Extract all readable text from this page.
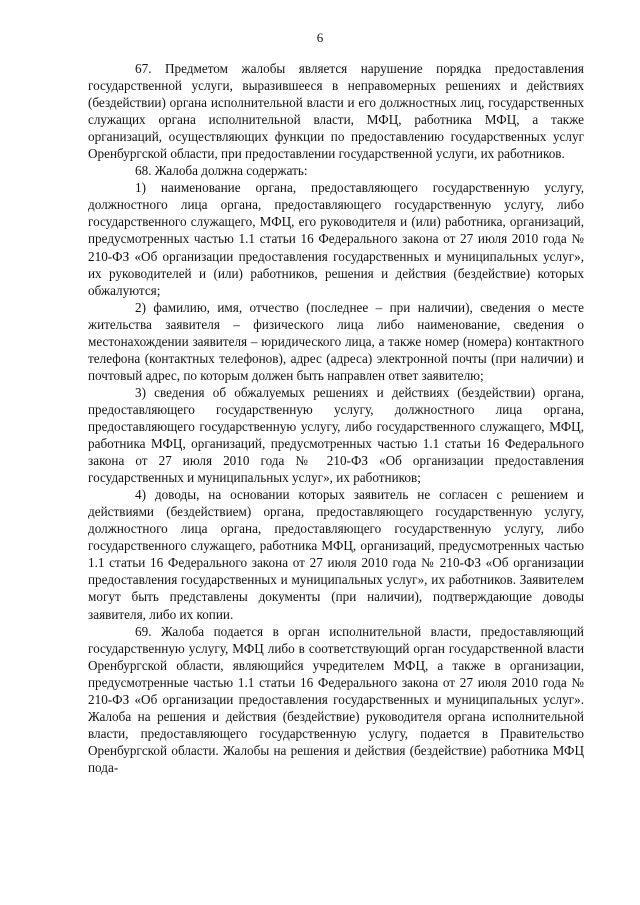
6

67. Предметом жалобы является нарушение порядка предоставления государственной услуги, выразившееся в неправомерных решениях и действиях (бездействии) органа исполнительной власти и его должностных лиц, государственных служащих органа исполнительной власти, МФЦ, работника МФЦ, а также организаций, осуществляющих функции по предоставлению государственных услуг Оренбургской области, при предоставлении государственной услуги, их работников.

68. Жалоба должна содержать:

1) наименование органа, предоставляющего государственную услугу, должностного лица органа, предоставляющего государственную услугу, либо государственного служащего, МФЦ, его руководителя и (или) работника, организаций, предусмотренных частью 1.1 статьи 16 Федерального закона от 27 июля 2010 года № 210-ФЗ «Об организации предоставления государственных и муниципальных услуг», их руководителей и (или) работников, решения и действия (бездействие) которых обжалуются;

2) фамилию, имя, отчество (последнее – при наличии), сведения о месте жительства заявителя – физического лица либо наименование, сведения о местонахождении заявителя – юридического лица, а также номер (номера) контактного телефона (контактных телефонов), адрес (адреса) электронной почты (при наличии) и почтовый адрес, по которым должен быть направлен ответ заявителю;

3) сведения об обжалуемых решениях и действиях (бездействии) органа, предоставляющего государственную услугу, должностного лица органа, предоставляющего государственную услугу, либо государственного служащего, МФЦ, работника МФЦ, организаций, предусмотренных частью 1.1 статьи 16 Федерального закона от 27 июля 2010 года № 210-ФЗ «Об организации предоставления государственных и муниципальных услуг», их работников;

4) доводы, на основании которых заявитель не согласен с решением и действиями (бездействием) органа, предоставляющего государственную услугу, должностного лица органа, предоставляющего государственную услугу, либо государственного служащего, работника МФЦ, организаций, предусмотренных частью 1.1 статьи 16 Федерального закона от 27 июля 2010 года № 210-ФЗ «Об организации предоставления государственных и муниципальных услуг», их работников. Заявителем могут быть представлены документы (при наличии), подтверждающие доводы заявителя, либо их копии.

69. Жалоба подается в орган исполнительной власти, предоставляющий государственную услугу, МФЦ либо в соответствующий орган государственной власти Оренбургской области, являющийся учредителем МФЦ, а также в организации, предусмотренные частью 1.1 статьи 16 Федерального закона от 27 июля 2010 года № 210-ФЗ «Об организации предоставления государственных и муниципальных услуг». Жалоба на решения и действия (бездействие) руководителя органа исполнительной власти, предоставляющего государственную услугу, подается в Правительство Оренбургской области. Жалобы на решения и действия (бездействие) работника МФЦ пода-
